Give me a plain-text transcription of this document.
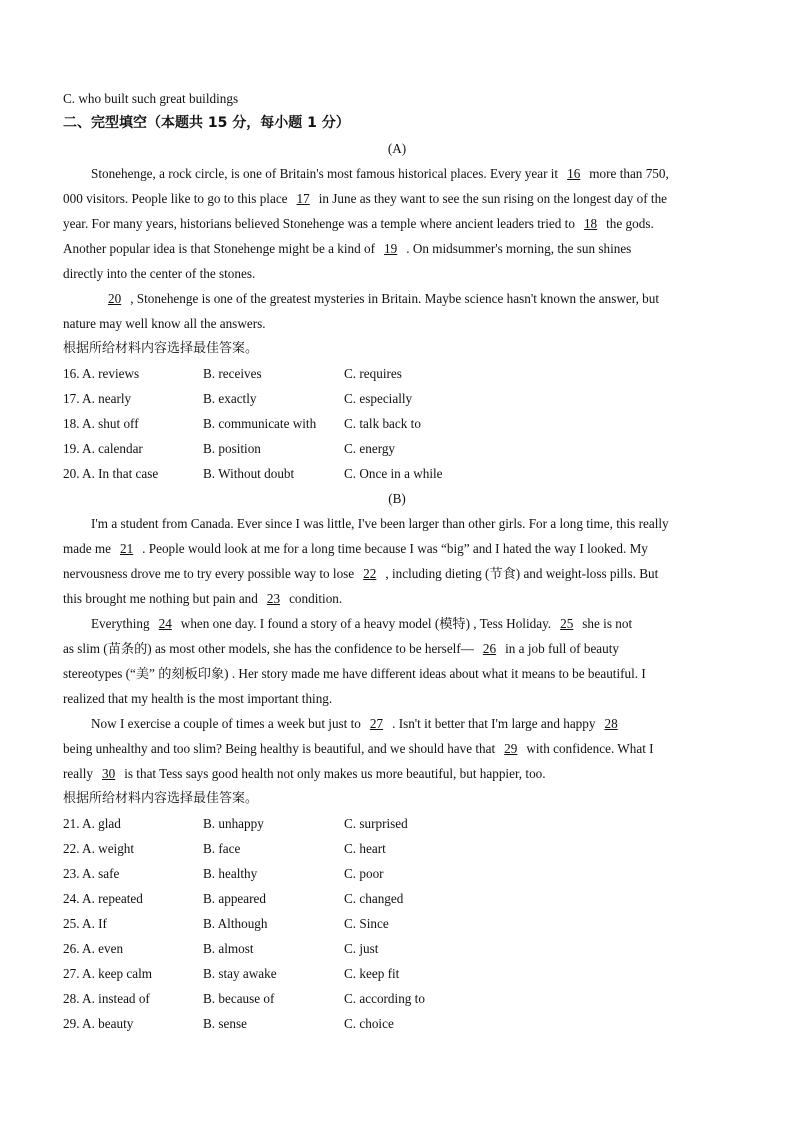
C. who built such great buildings
二、完型填空（本题共 15 分，每小题 1 分）
(A)
Stonehenge, a rock circle, is one of Britain's most famous historical places. Every year it 16 more than 750,
000 visitors. People like to go to this place 17 in June as they want to see the sun rising on the longest day of the
year. For many years, historians believed Stonehenge was a temple where ancient leaders tried to 18 the gods.
Another popular idea is that Stonehenge might be a kind of 19 . On midsummer's morning, the sun shines
directly into the center of the stones.
20 , Stonehenge is one of the greatest mysteries in Britain. Maybe science hasn't known the answer, but
nature may well know all the answers.
根据所给材料内容选择最佳答案。
16. A. reviews	B. receives	C. requires
17. A. nearly	B. exactly	C. especially
18. A. shut off	B. communicate with C. talk back to
19. A. calendar	B. position	C. energy
20. A. In that case	B. Without doubt	C. Once in a while
(B)
I'm a student from Canada. Ever since I was little, I've been larger than other girls. For a long time, this really
made me 21 . People would look at me for a long time because I was “big” and I hated the way I looked. My
nervousness drove me to try every possible way to lose 22 , including dieting (节食) and weight-loss pills. But
this brought me nothing but pain and 23 condition.
Everything 24 when one day. I found a story of a heavy model (模特) , Tess Holiday. 25 she is not
as slim (苗条的) as most other models, she has the confidence to be herself— 26 in a job full of beauty
stereotypes (“美” 的刻板印象) . Her story made me have different ideas about what it means to be beautiful. I
realized that my health is the most important thing.
Now I exercise a couple of times a week but just to 27 . Isn't it better that I'm large and happy 28
being unhealthy and too slim? Being healthy is beautiful, and we should have that 29 with confidence. What I
really 30 is that Tess says good health not only makes us more beautiful, but happier, too.
根据所给材料内容选择最佳答案。
21. A. glad	B. unhappy	C. surprised
22. A. weight	B. face	C. heart
23. A. safe	B. healthy	C. poor
24. A. repeated	B. appeared	C. changed
25. A. If	B. Although	C. Since
26. A. even	B. almost	C. just
27. A. keep calm	B. stay awake	C. keep fit
28. A. instead of	B. because of	C. according to
29. A. beauty	B. sense	C. choice
